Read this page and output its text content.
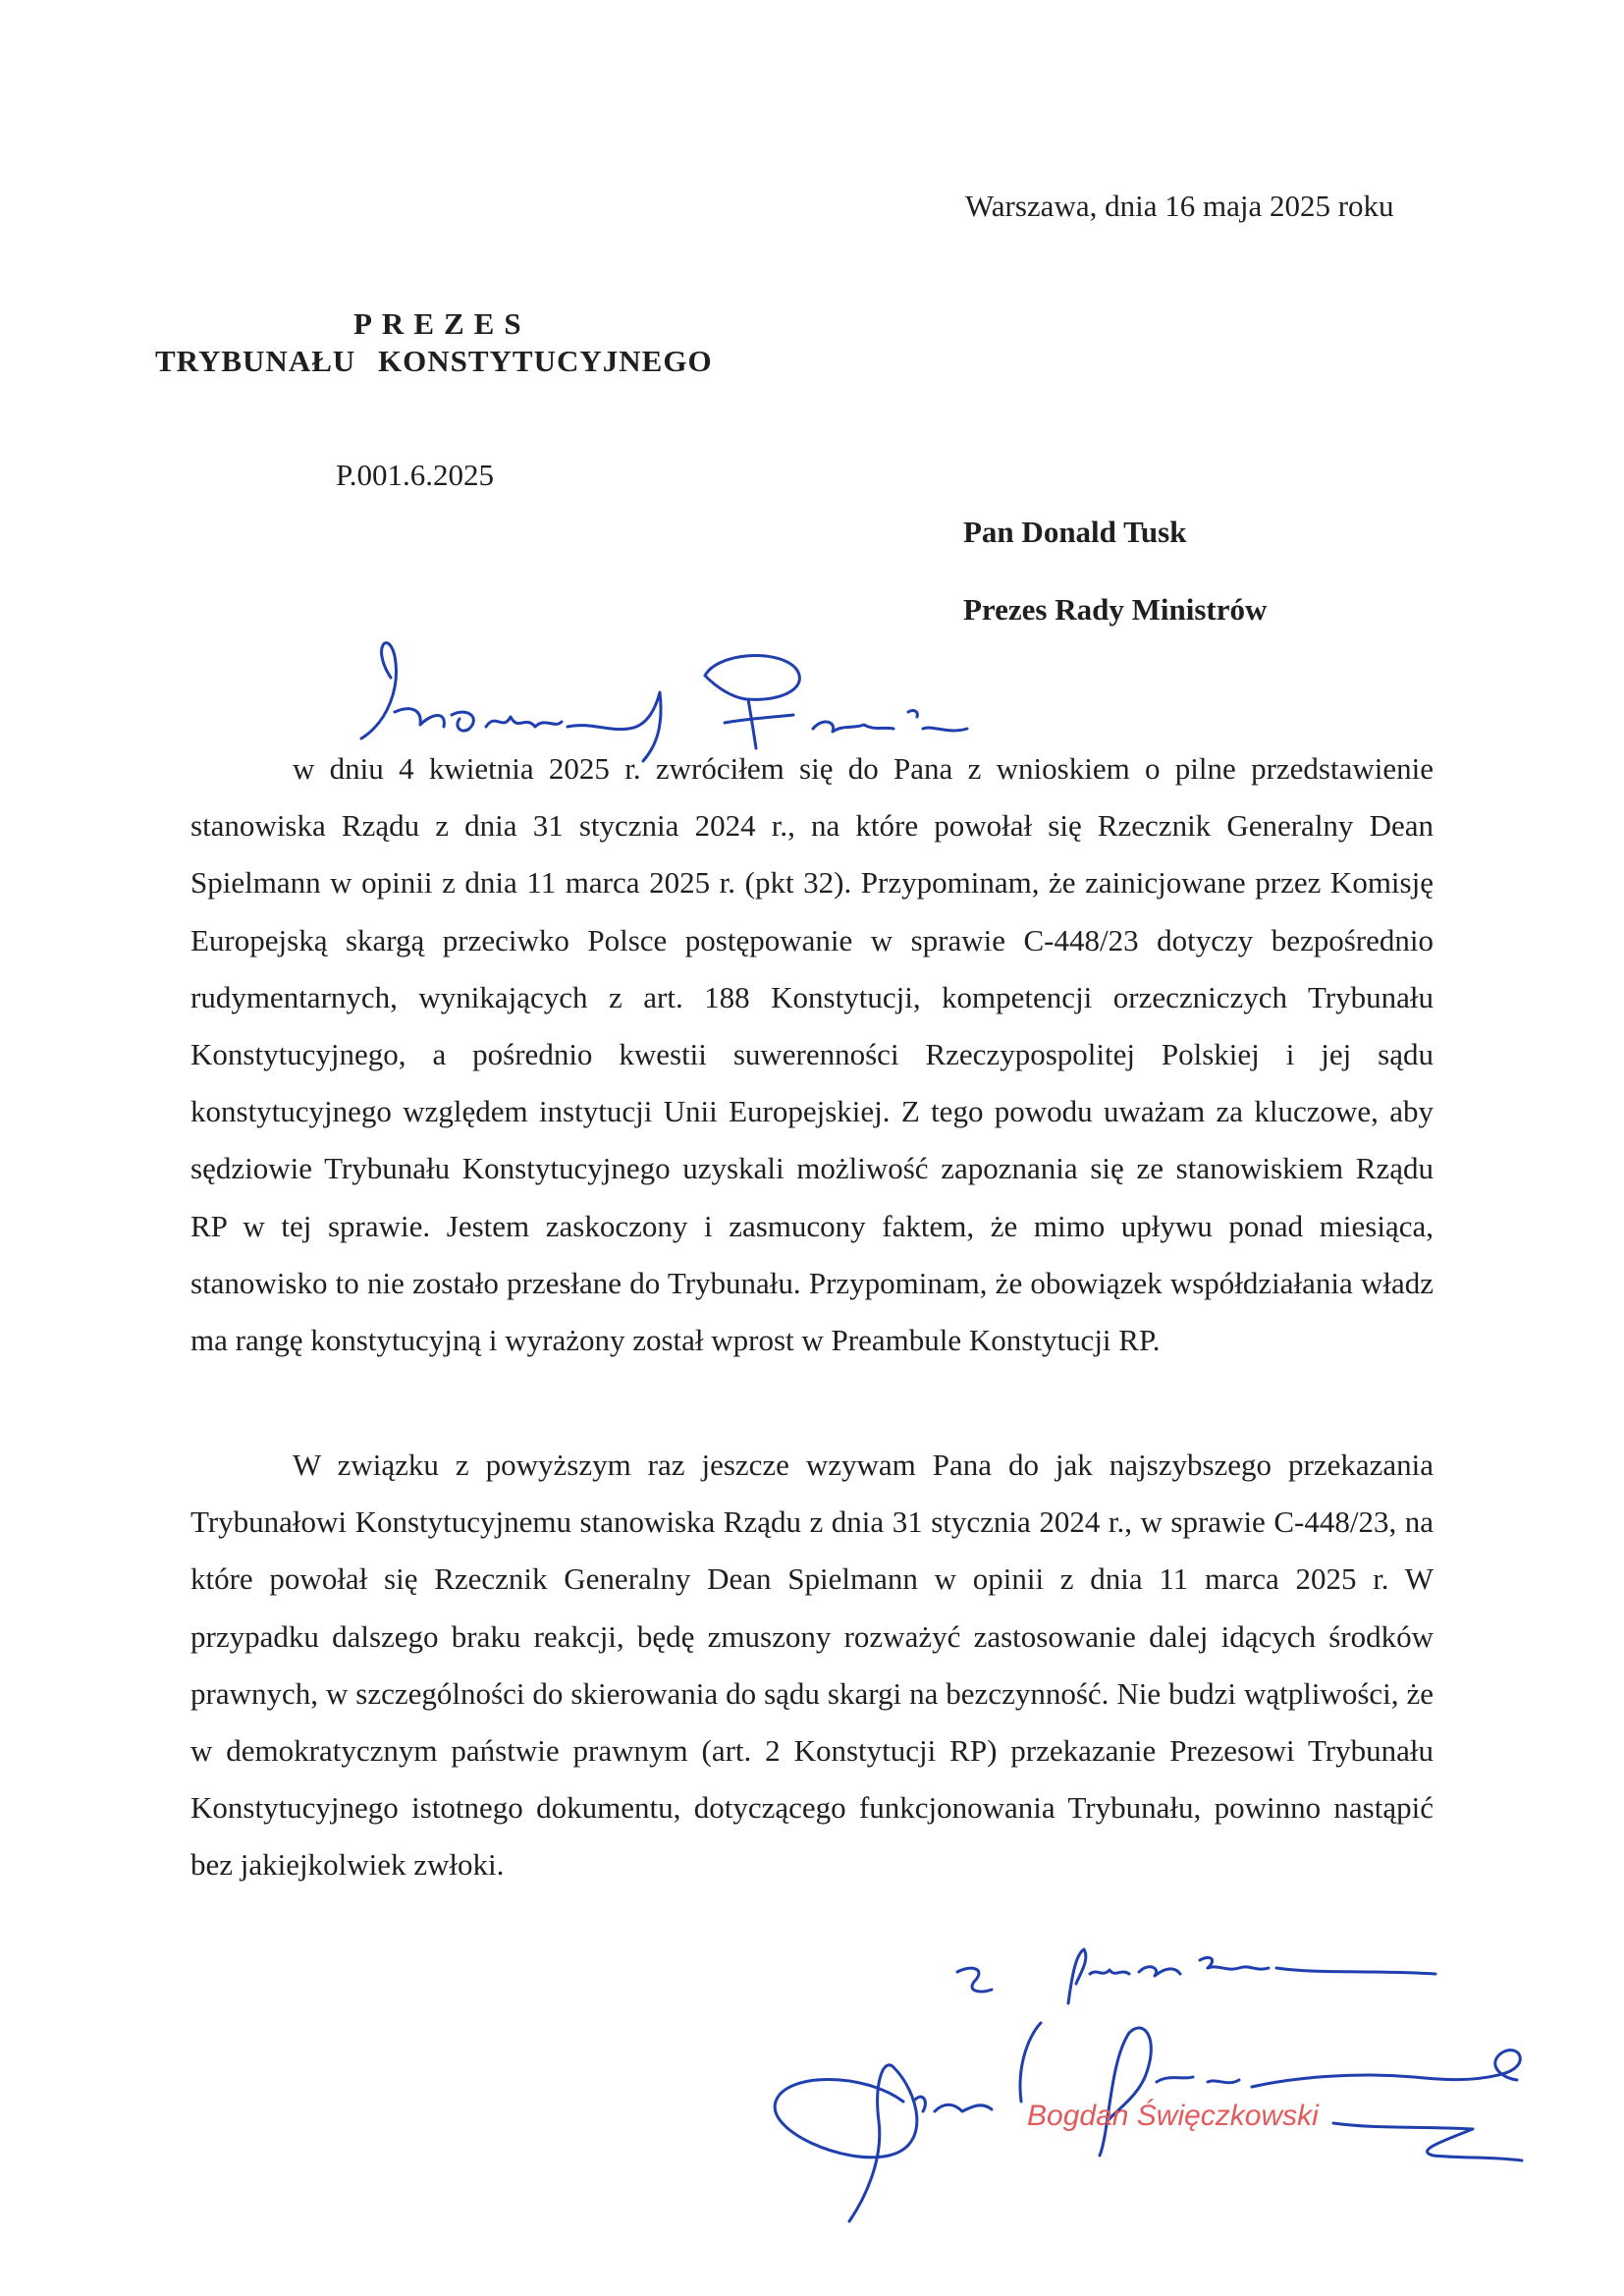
Warszawa, dnia 16 maja 2025 roku
PREZES
TRYBUNAŁU KONSTYTUCYJNEGO
P.001.6.2025
Pan Donald Tusk
Prezes Rady Ministrów
w dniu 4 kwietnia 2025 r. zwróciłem się do Pana z wnioskiem o pilne przedstawienie stanowiska Rządu z dnia 31 stycznia 2024 r., na które powołał się Rzecznik Generalny Dean Spielmann w opinii z dnia 11 marca 2025 r. (pkt 32). Przypominam, że zainicjowane przez Komisję Europejską skargą przeciwko Polsce postępowanie w sprawie C-448/23 dotyczy bezpośrednio rudymentarnych, wynikających z art. 188 Konstytucji, kompetencji orzeczniczych Trybunału Konstytucyjnego, a pośrednio kwestii suwerenności Rzeczypospolitej Polskiej i jej sądu konstytucyjnego względem instytucji Unii Europejskiej. Z tego powodu uważam za kluczowe, aby sędziowie Trybunału Konstytucyjnego uzyskali możliwość zapoznania się ze stanowiskiem Rządu RP w tej sprawie. Jestem zaskoczony i zasmucony faktem, że mimo upływu ponad miesiąca, stanowisko to nie zostało przesłane do Trybunału. Przypominam, że obowiązek współdziałania władz ma rangę konstytucyjną i wyrażony został wprost w Preambule Konstytucji RP.
W związku z powyższym raz jeszcze wzywam Pana do jak najszybszego przekazania Trybunałowi Konstytucyjnemu stanowiska Rządu z dnia 31 stycznia 2024 r., w sprawie C-448/23, na które powołał się Rzecznik Generalny Dean Spielmann w opinii z dnia 11 marca 2025 r. W przypadku dalszego braku reakcji, będę zmuszony rozważyć zastosowanie dalej idących środków prawnych, w szczególności do skierowania do sądu skargi na bezczynność. Nie budzi wątpliwości, że w demokratycznym państwie prawnym (art. 2 Konstytucji RP) przekazanie Prezesowi Trybunału Konstytucyjnego istotnego dokumentu, dotyczącego funkcjonowania Trybunału, powinno nastąpić bez jakiejkolwiek zwłoki.
Bogdan Święczkowski
